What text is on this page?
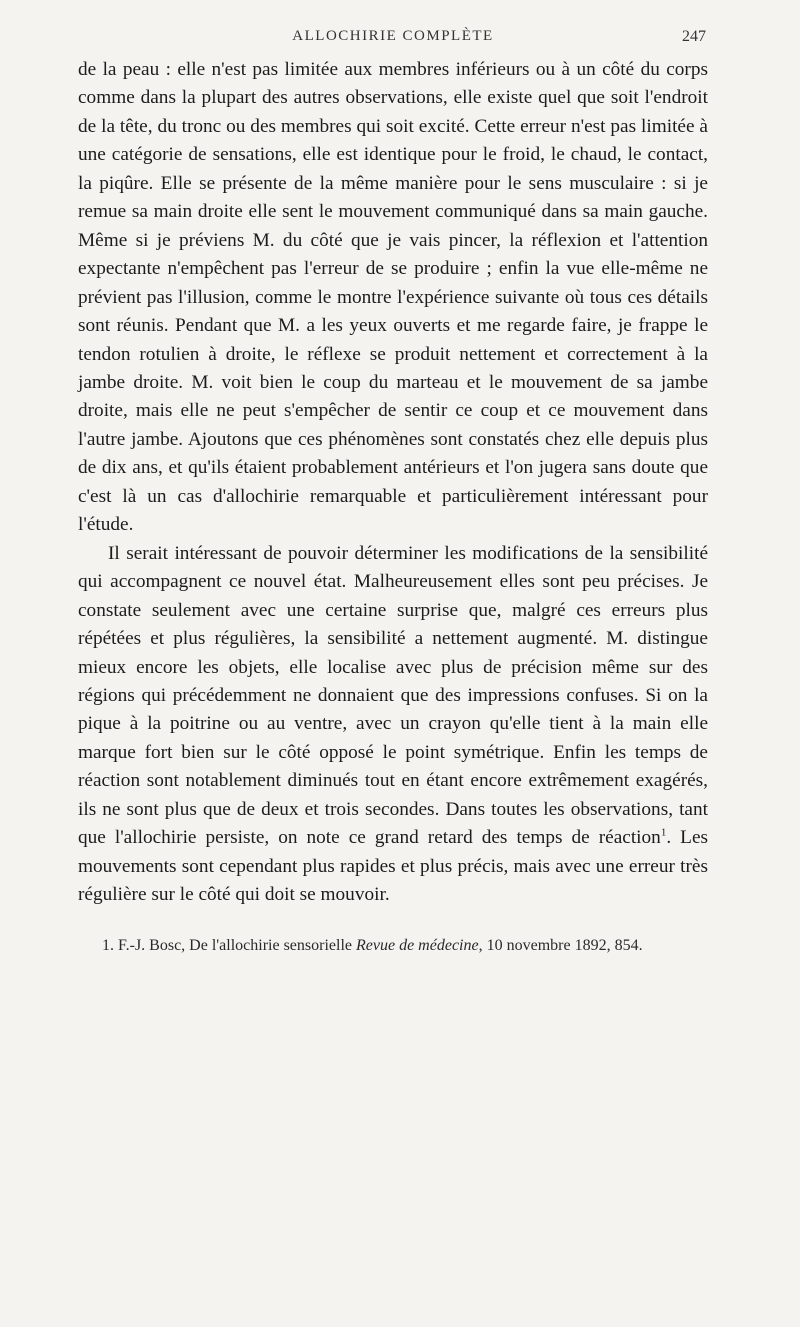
ALLOCHIRIE COMPLÈTE	247

de la peau : elle n'est pas limitée aux membres inférieurs ou à un côté du corps comme dans la plupart des autres observations, elle existe quel que soit l'endroit de la tête, du tronc ou des membres qui soit excité. Cette erreur n'est pas limitée à une catégorie de sensations, elle est identique pour le froid, le chaud, le contact, la piqûre. Elle se présente de la même manière pour le sens musculaire : si je remue sa main droite elle sent le mouvement communiqué dans sa main gauche. Même si je préviens M. du côté que je vais pincer, la réflexion et l'attention expectante n'empêchent pas l'erreur de se produire ; enfin la vue elle-même ne prévient pas l'illusion, comme le montre l'expérience suivante où tous ces détails sont réunis. Pendant que M. a les yeux ouverts et me regarde faire, je frappe le tendon rotulien à droite, le réflexe se produit nettement et correctement à la jambe droite. M. voit bien le coup du marteau et le mouvement de sa jambe droite, mais elle ne peut s'empêcher de sentir ce coup et ce mouvement dans l'autre jambe. Ajoutons que ces phénomènes sont constatés chez elle depuis plus de dix ans, et qu'ils étaient probablement antérieurs et l'on jugera sans doute que c'est là un cas d'allochirie remarquable et particulièrement intéressant pour l'étude.

Il serait intéressant de pouvoir déterminer les modifications de la sensibilité qui accompagnent ce nouvel état. Malheureusement elles sont peu précises. Je constate seulement avec une certaine surprise que, malgré ces erreurs plus répétées et plus régulières, la sensibilité a nettement augmenté. M. distingue mieux encore les objets, elle localise avec plus de précision même sur des régions qui précédemment ne donnaient que des impressions confuses. Si on la pique à la poitrine ou au ventre, avec un crayon qu'elle tient à la main elle marque fort bien sur le côté opposé le point symétrique. Enfin les temps de réaction sont notablement diminués tout en étant encore extrêmement exagérés, ils ne sont plus que de deux et trois secondes. Dans toutes les observations, tant que l'allochirie persiste, on note ce grand retard des temps de réaction$^1$. Les mouvements sont cependant plus rapides et plus précis, mais avec une erreur très régulière sur le côté qui doit se mouvoir.

1. F.-J. Bosc, De l'allochirie sensorielle Revue de médecine, 10 novembre 1892, 854.
